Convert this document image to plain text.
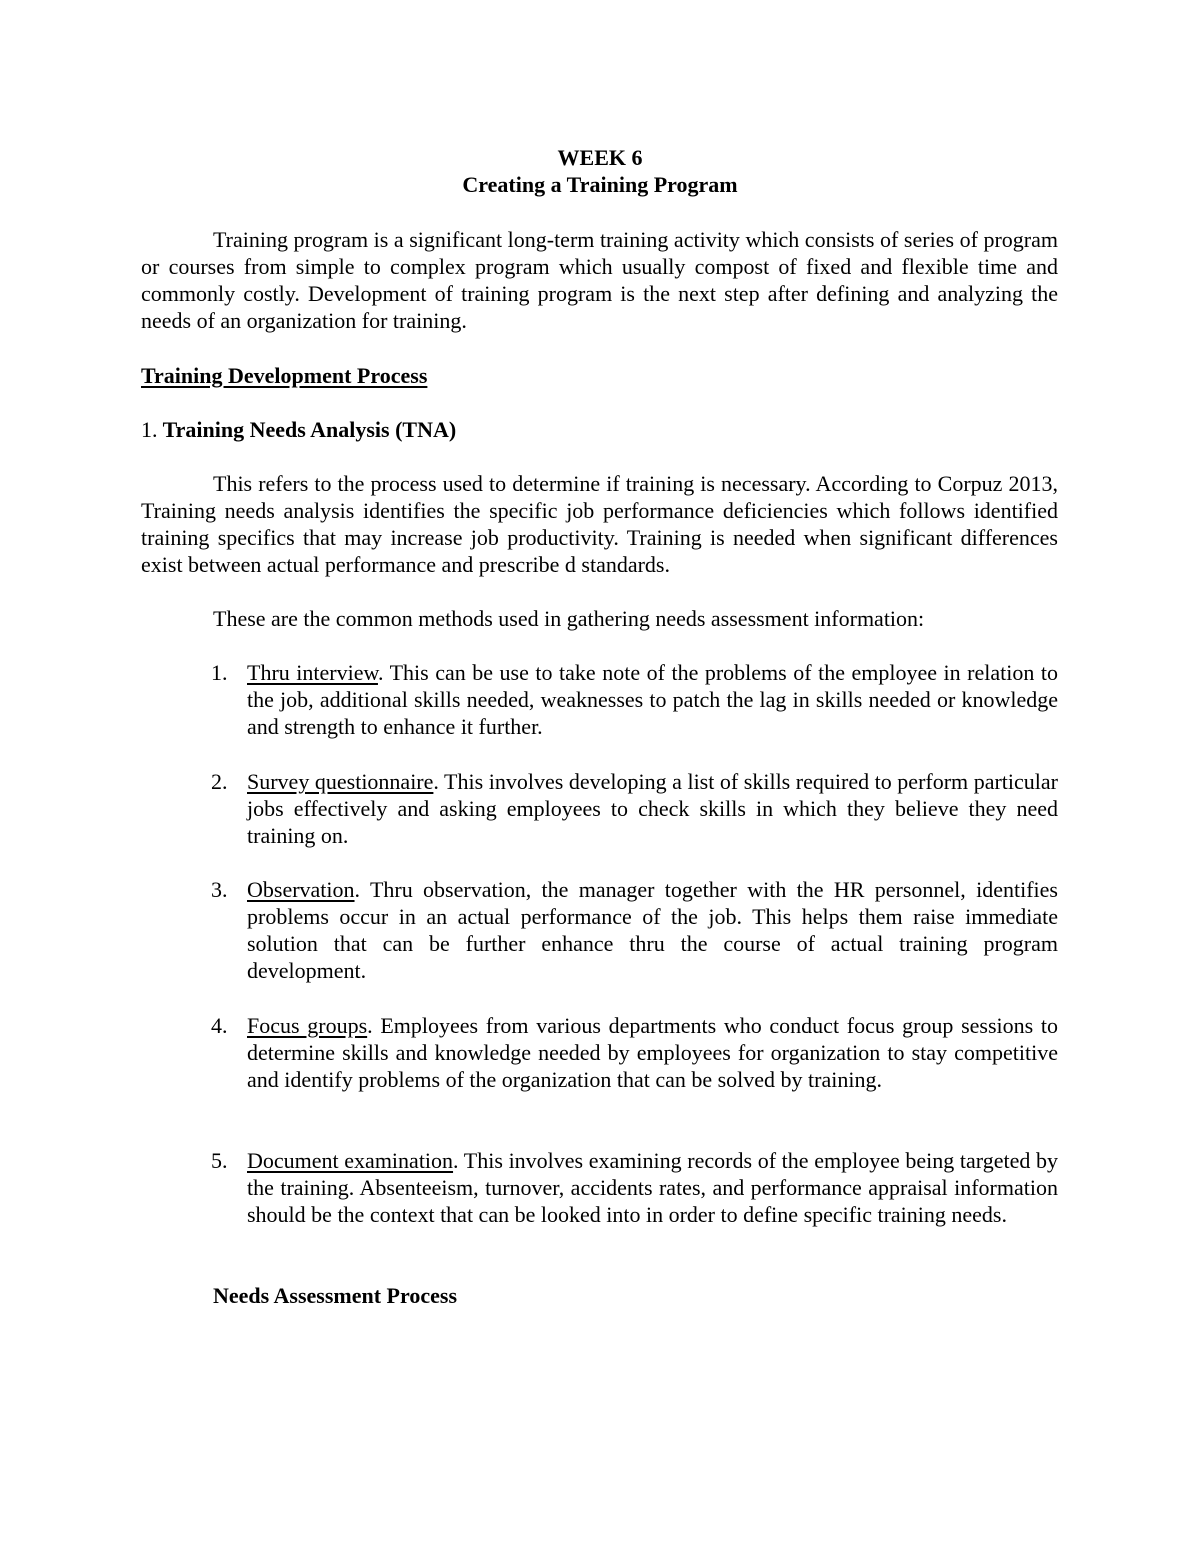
WEEK 6
Creating a Training Program
Training program is a significant long-term training activity which consists of series of program or courses from simple to complex program which usually compost of fixed and flexible time and commonly costly. Development of training program is the next step after defining and analyzing the needs of an organization for training.
Training Development Process
1. Training Needs Analysis (TNA)
This refers to the process used to determine if training is necessary. According to Corpuz 2013, Training needs analysis identifies the specific job performance deficiencies which follows identified training specifics that may increase job productivity. Training is needed when significant differences exist between actual performance and prescribe d standards.
These are the common methods used in gathering needs assessment information:
1. Thru interview. This can be use to take note of the problems of the employee in relation to the job, additional skills needed, weaknesses to patch the lag in skills needed or knowledge and strength to enhance it further.
2. Survey questionnaire. This involves developing a list of skills required to perform particular jobs effectively and asking employees to check skills in which they believe they need training on.
3. Observation. Thru observation, the manager together with the HR personnel, identifies problems occur in an actual performance of the job. This helps them raise immediate solution that can be further enhance thru the course of actual training program development.
4. Focus groups. Employees from various departments who conduct focus group sessions to determine skills and knowledge needed by employees for organization to stay competitive and identify problems of the organization that can be solved by training.
5. Document examination. This involves examining records of the employee being targeted by the training. Absenteeism, turnover, accidents rates, and performance appraisal information should be the context that can be looked into in order to define specific training needs.
Needs Assessment Process
